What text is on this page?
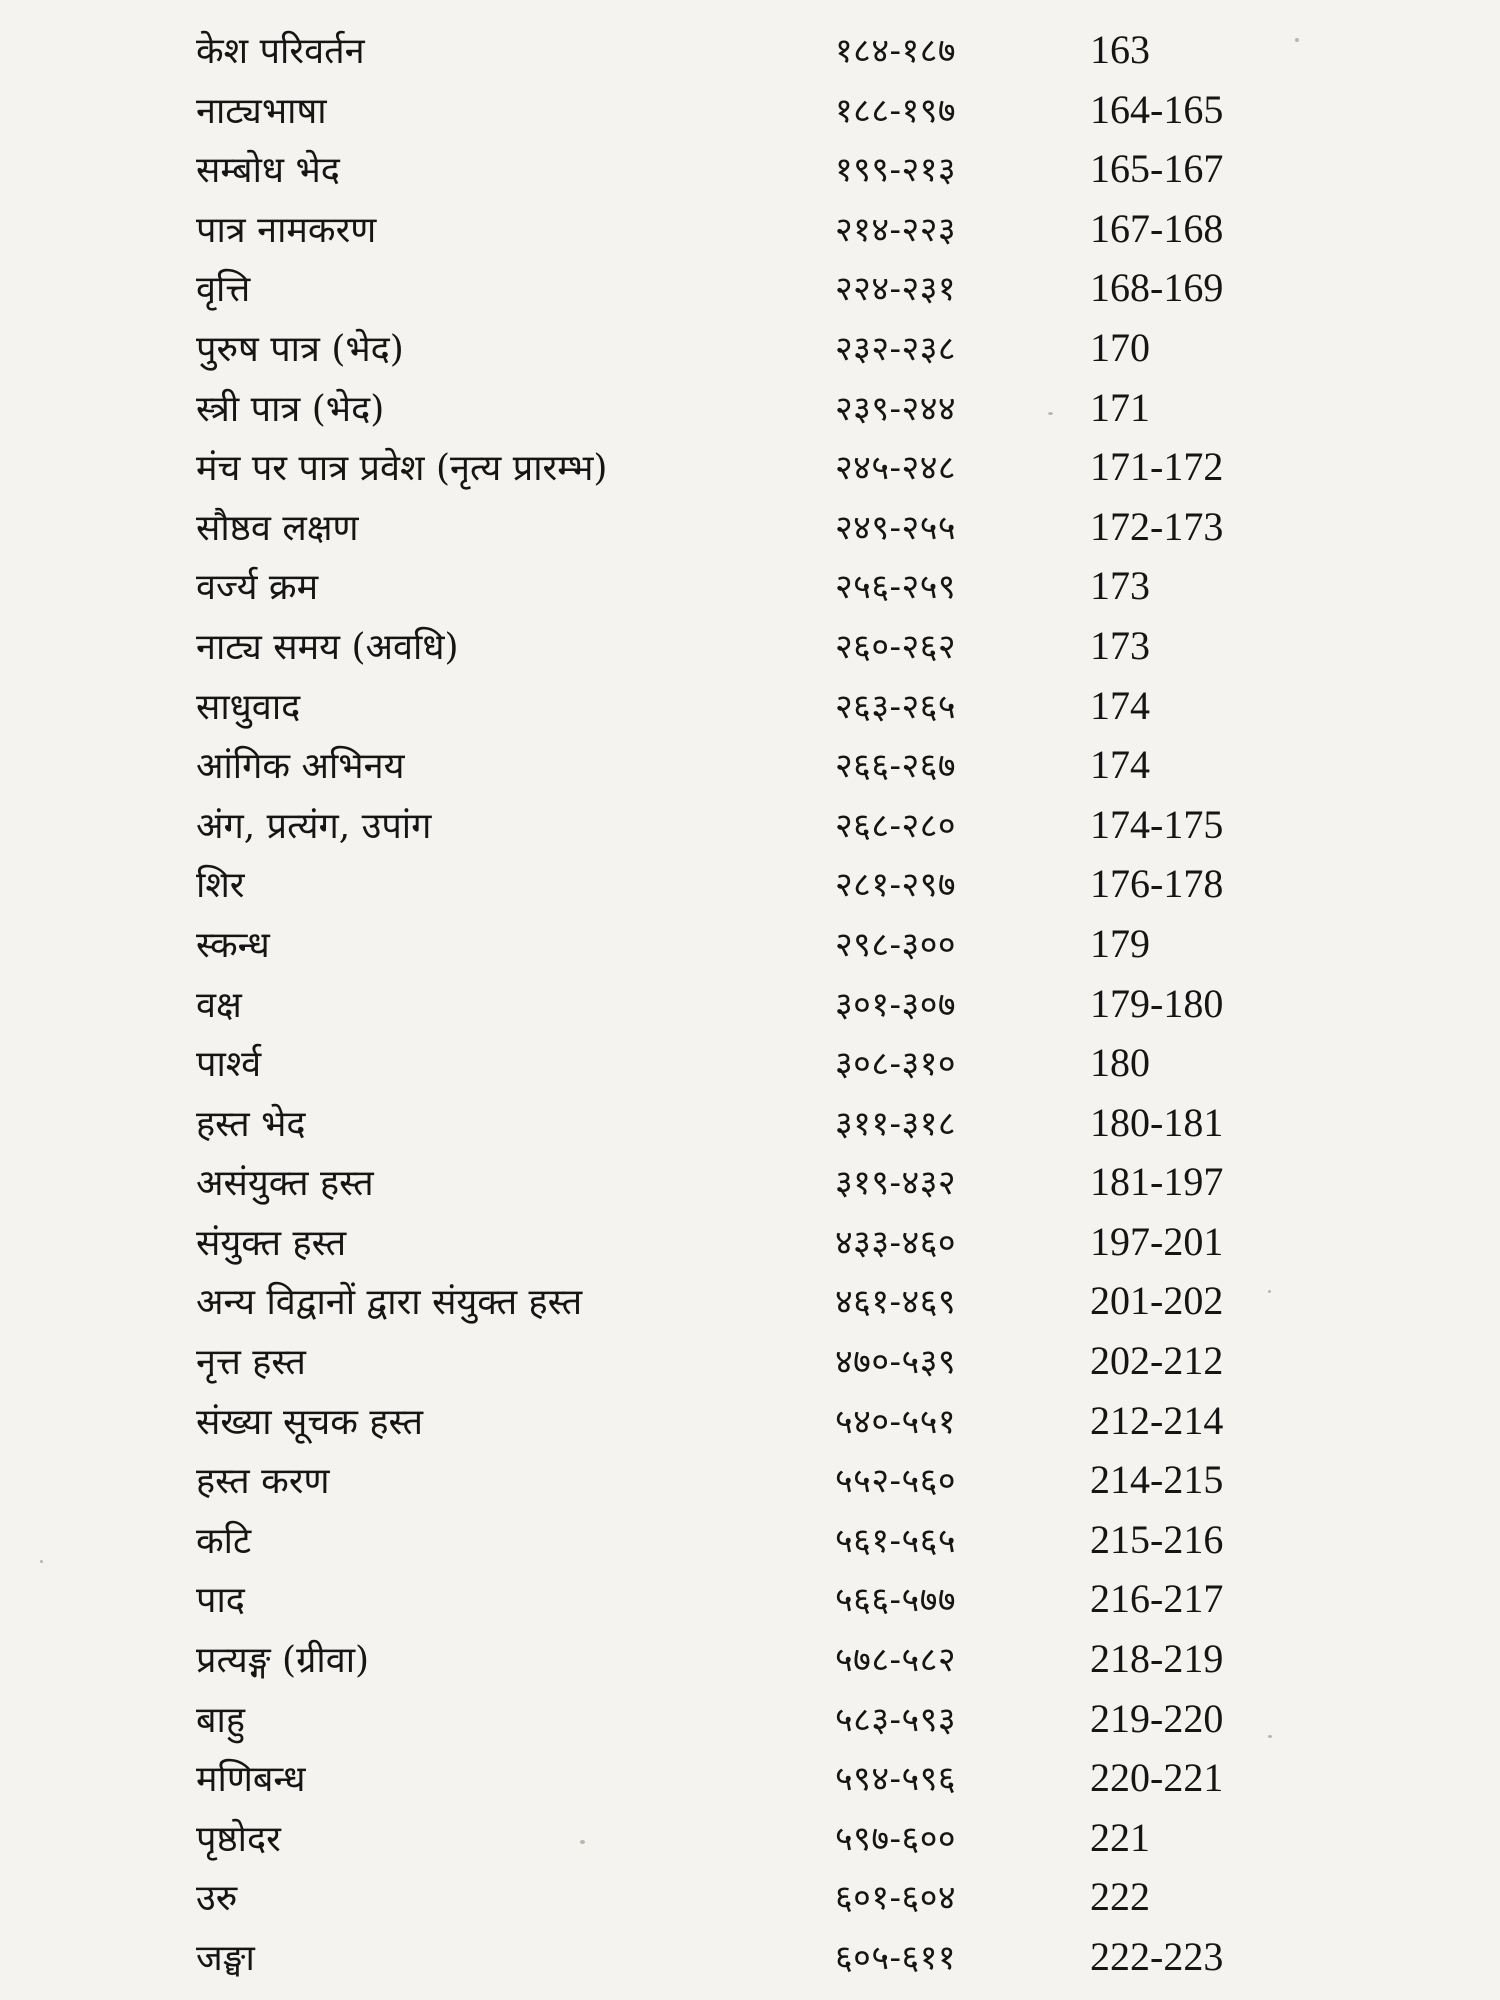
केश परिवर्तन	१८४-१८७	163
नाट्यभाषा	१८८-१९७	164-165
सम्बोध भेद	१९९-२१३	165-167
पात्र नामकरण	२१४-२२३	167-168
वृत्ति	२२४-२३१	168-169
पुरुष पात्र (भेद)	२३२-२३८	170
स्त्री पात्र (भेद)	२३९-२४४	171
मंच पर पात्र प्रवेश (नृत्य प्रारम्भ)	२४५-२४८	171-172
सौष्ठव लक्षण	२४९-२५५	172-173
वर्ज्य क्रम	२५६-२५९	173
नाट्य समय (अवधि)	२६०-२६२	173
साधुवाद	२६३-२६५	174
आंगिक अभिनय	२६६-२६७	174
अंग, प्रत्यंग, उपांग	२६८-२८०	174-175
शिर	२८१-२९७	176-178
स्कन्ध	२९८-३००	179
वक्ष	३०१-३०७	179-180
पार्श्व	३०८-३१०	180
हस्त भेद	३११-३१८	180-181
असंयुक्त हस्त	३१९-४३२	181-197
संयुक्त हस्त	४३३-४६०	197-201
अन्य विद्वानों द्वारा संयुक्त हस्त	४६१-४६९	201-202
नृत्त हस्त	४७०-५३९	202-212
संख्या सूचक हस्त	५४०-५५१	212-214
हस्त करण	५५२-५६०	214-215
कटि	५६१-५६५	215-216
पाद	५६६-५७७	216-217
प्रत्यङ्ग (ग्रीवा)	५७८-५८२	218-219
बाहु	५८३-५९३	219-220
मणिबन्ध	५९४-५९६	220-221
पृष्ठोदर	५९७-६००	221
उरु	६०१-६०४	222
जङ्घा	६०५-६११	222-223
